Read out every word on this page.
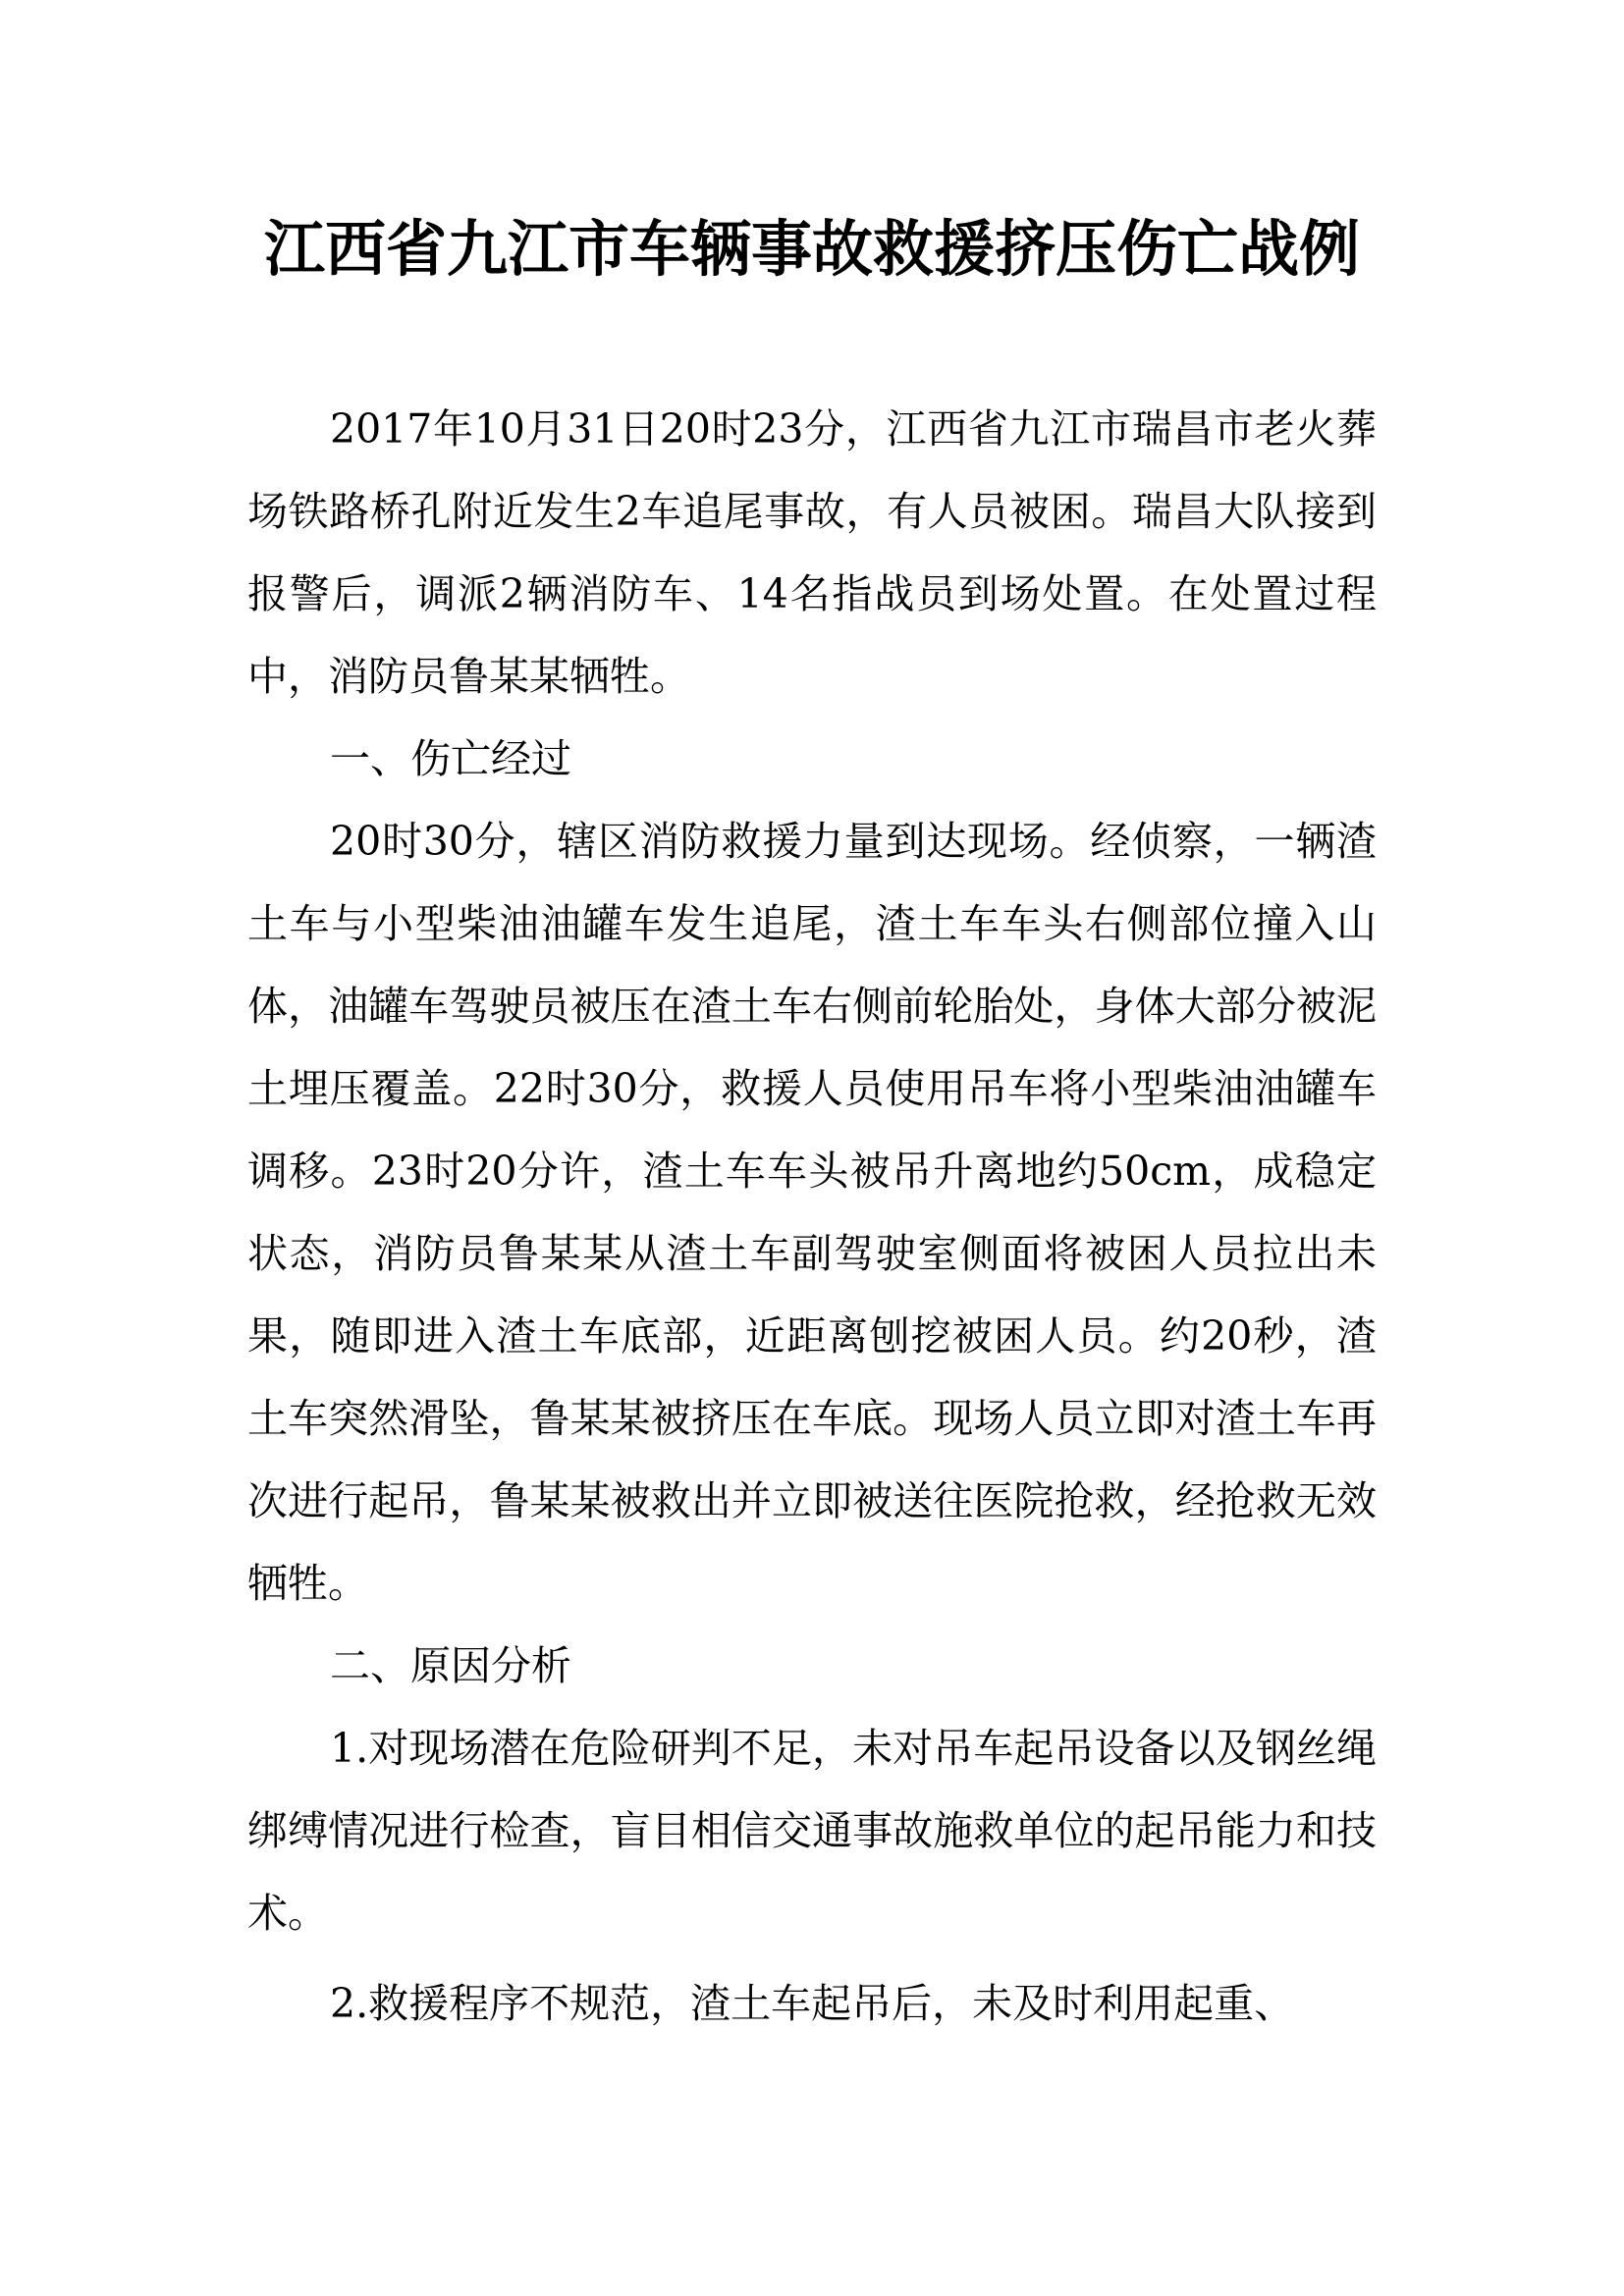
江西省九江市车辆事故救援挤压伤亡战例

2017年10月31日20时23分，江西省九江市瑞昌市老火葬场铁路桥孔附近发生2车追尾事故，有人员被困。瑞昌大队接到报警后，调派2辆消防车、14名指战员到场处置。在处置过程中，消防员鲁某某牺牲。

一、伤亡经过

20时30分，辖区消防救援力量到达现场。经侦察，一辆渣土车与小型柴油油罐车发生追尾，渣土车车头右侧部位撞入山体，油罐车驾驶员被压在渣土车右侧前轮胎处，身体大部分被泥土埋压覆盖。22时30分，救援人员使用吊车将小型柴油油罐车调移。23时20分许，渣土车车头被吊升离地约50cm，成稳定状态，消防员鲁某某从渣土车副驾驶室侧面将被困人员拉出未果，随即进入渣土车底部，近距离刨挖被困人员。约20秒，渣土车突然滑坠，鲁某某被挤压在车底。现场人员立即对渣土车再次进行起吊，鲁某某被救出并立即被送往医院抢救，经抢救无效牺牲。

二、原因分析

1.对现场潜在危险研判不足，未对吊车起吊设备以及钢丝绳绑缚情况进行检查，盲目相信交通事故施救单位的起吊能力和技术。

2.救援程序不规范，渣土车起吊后，未及时利用起重、
